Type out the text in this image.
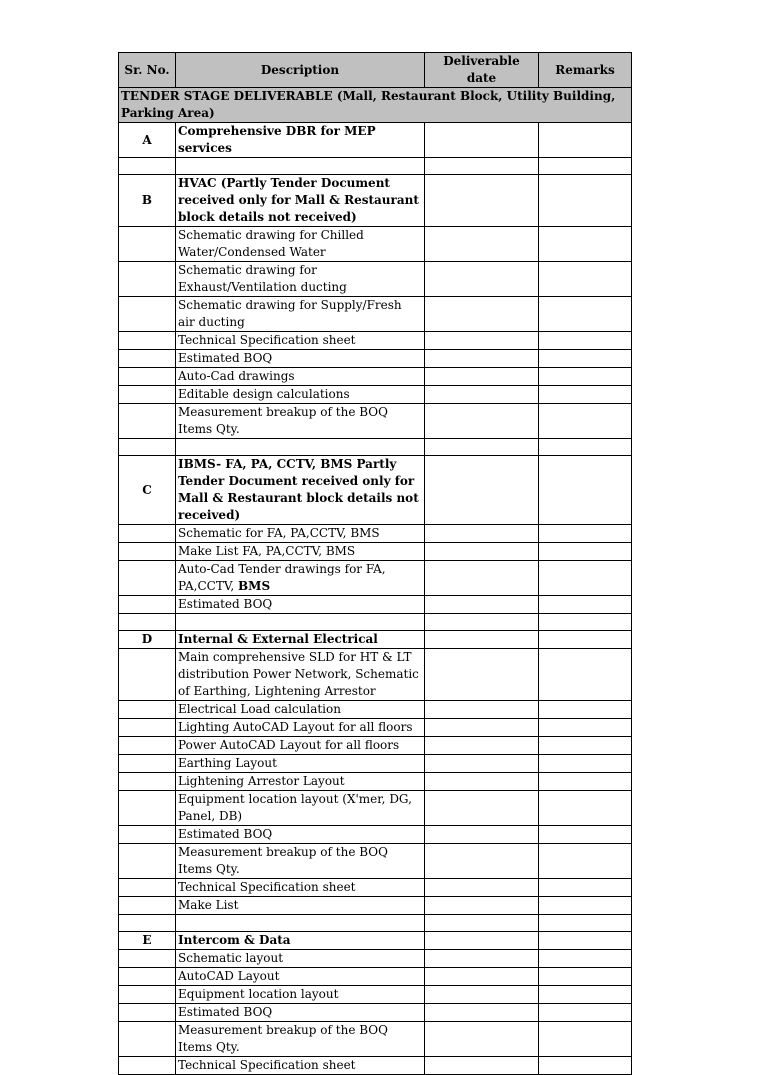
Sr. No.	Description	Deliverable date	Remarks
TENDER STAGE DELIVERABLE (Mall, Restaurant Block, Utility Building, Parking Area)			
A	Comprehensive DBR for MEP services		

B	HVAC (Partly Tender Document received only for Mall & Restaurant block details not received)		
	Schematic drawing for Chilled Water/Condensed Water		
	Schematic drawing for Exhaust/Ventilation ducting		
	Schematic drawing for Supply/Fresh air ducting		
	Technical Specification sheet		
	Estimated BOQ		
	Auto-Cad drawings		
	Editable design calculations		
	Measurement breakup of the BOQ Items Qty.		

C	IBMS- FA, PA, CCTV, BMS Partly Tender Document received only for Mall & Restaurant block details not received)		
	Schematic for FA, PA,CCTV, BMS		
	Make List FA, PA,CCTV, BMS		
	Auto-Cad Tender drawings for FA, PA,CCTV, BMS		
	Estimated BOQ		

D	Internal & External Electrical		
	Main comprehensive SLD for HT & LT distribution Power Network, Schematic of Earthing, Lightening Arrestor		
	Electrical Load calculation		
	Lighting AutoCAD Layout for all floors		
	Power AutoCAD Layout for all floors		
	Earthing Layout		
	Lightening Arrestor Layout		
	Equipment location layout (X'mer, DG, Panel, DB)		
	Estimated BOQ		
	Measurement breakup of the BOQ Items Qty.		
	Technical Specification sheet		
	Make List		

E	Intercom & Data		
	Schematic layout		
	AutoCAD Layout		
	Equipment location layout		
	Estimated BOQ		
	Measurement breakup of the BOQ Items Qty.		
	Technical Specification sheet		
